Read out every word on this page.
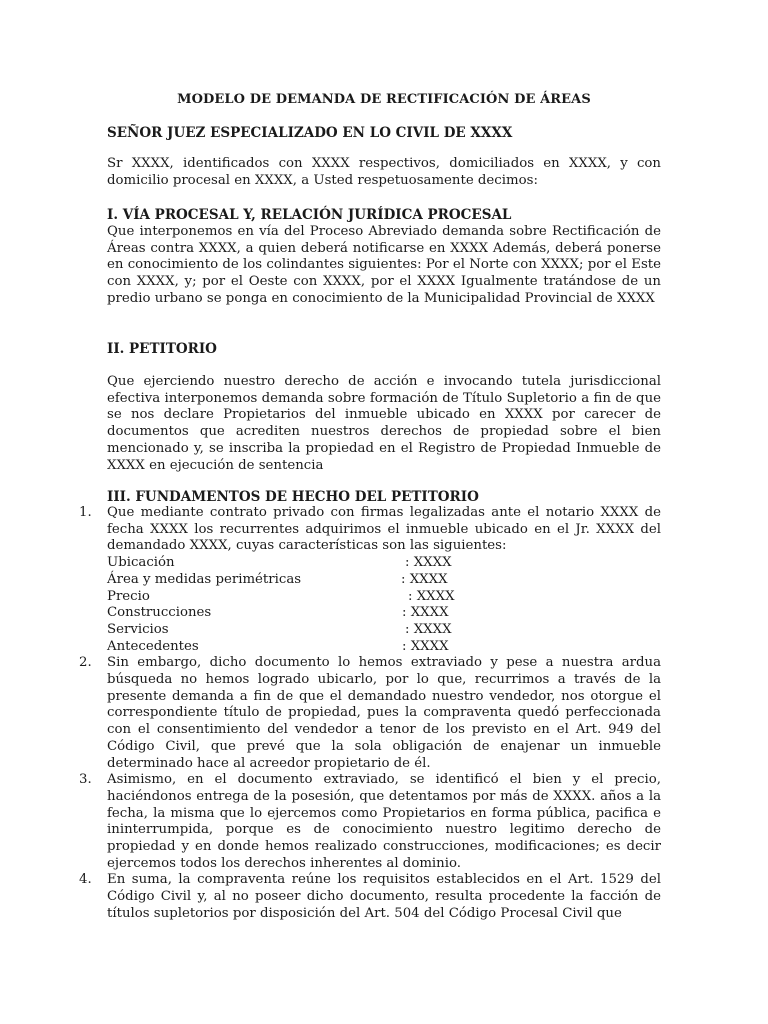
MODELO DE DEMANDA DE RECTIFICACIÓN DE ÁREAS
SEÑOR JUEZ ESPECIALIZADO EN LO CIVIL DE XXXX
Sr XXXX, identificados con XXXX respectivos, domiciliados en XXXX, y con domicilio procesal en XXXX, a Usted respetuosamente decimos:
I. VÍA PROCESAL Y, RELACIÓN JURÍDICA PROCESAL
Que interponemos en vía del Proceso Abreviado demanda sobre Rectificación de Áreas contra XXXX, a quien deberá notificarse en XXXX Además, deberá ponerse en conocimiento de los colindantes siguientes: Por el Norte con XXXX; por el Este con XXXX, y; por el Oeste con XXXX, por el XXXX Igualmente tratándose de un predio urbano se ponga en conocimiento de la Municipalidad Provincial de XXXX
II. PETITORIO
Que ejerciendo nuestro derecho de acción e invocando tutela jurisdiccional efectiva interponemos demanda sobre formación de Título Supletorio a fin de que se nos declare Propietarios del inmueble ubicado en XXXX por carecer de documentos que acrediten nuestros derechos de propiedad sobre el bien mencionado y, se inscriba la propiedad en el Registro de Propiedad Inmueble de XXXX en ejecución de sentencia
III. FUNDAMENTOS DE HECHO DEL PETITORIO
1.	Que mediante contrato privado con firmas legalizadas ante el notario XXXX de fecha XXXX los recurrentes adquirimos el inmueble ubicado en el Jr. XXXX del demandado XXXX, cuyas características son las siguientes:
Ubicación	: XXXX
Área y medidas perimétricas	: XXXX
Precio	: XXXX
Construcciones	: XXXX
Servicios	: XXXX
Antecedentes	: XXXX
2.	Sin embargo, dicho documento lo hemos extraviado y pese a nuestra ardua búsqueda no hemos logrado ubicarlo, por lo que, recurrimos a través de la presente demanda a fin de que el demandado nuestro vendedor, nos otorgue el correspondiente título de propiedad, pues la compraventa quedó perfeccionada con el consentimiento del vendedor a tenor de los previsto en el Art. 949 del Código Civil, que prevé que la sola obligación de enajenar un inmueble determinado hace al acreedor propietario de él.
3.	Asimismo, en el documento extraviado, se identificó el bien y el precio, haciéndonos entrega de la posesión, que detentamos por más de XXXX. años a la fecha, la misma que lo ejercemos como Propietarios en forma pública, pacifica e ininterrumpida, porque es de conocimiento nuestro legitimo derecho de propiedad y en donde hemos realizado construcciones, modificaciones; es decir ejercemos todos los derechos inherentes al dominio.
4.	En suma, la compraventa reúne los requisitos establecidos en el Art. 1529 del Código Civil y, al no poseer dicho documento, resulta procedente la facción de títulos supletorios por disposición del Art. 504 del Código Procesal Civil que
